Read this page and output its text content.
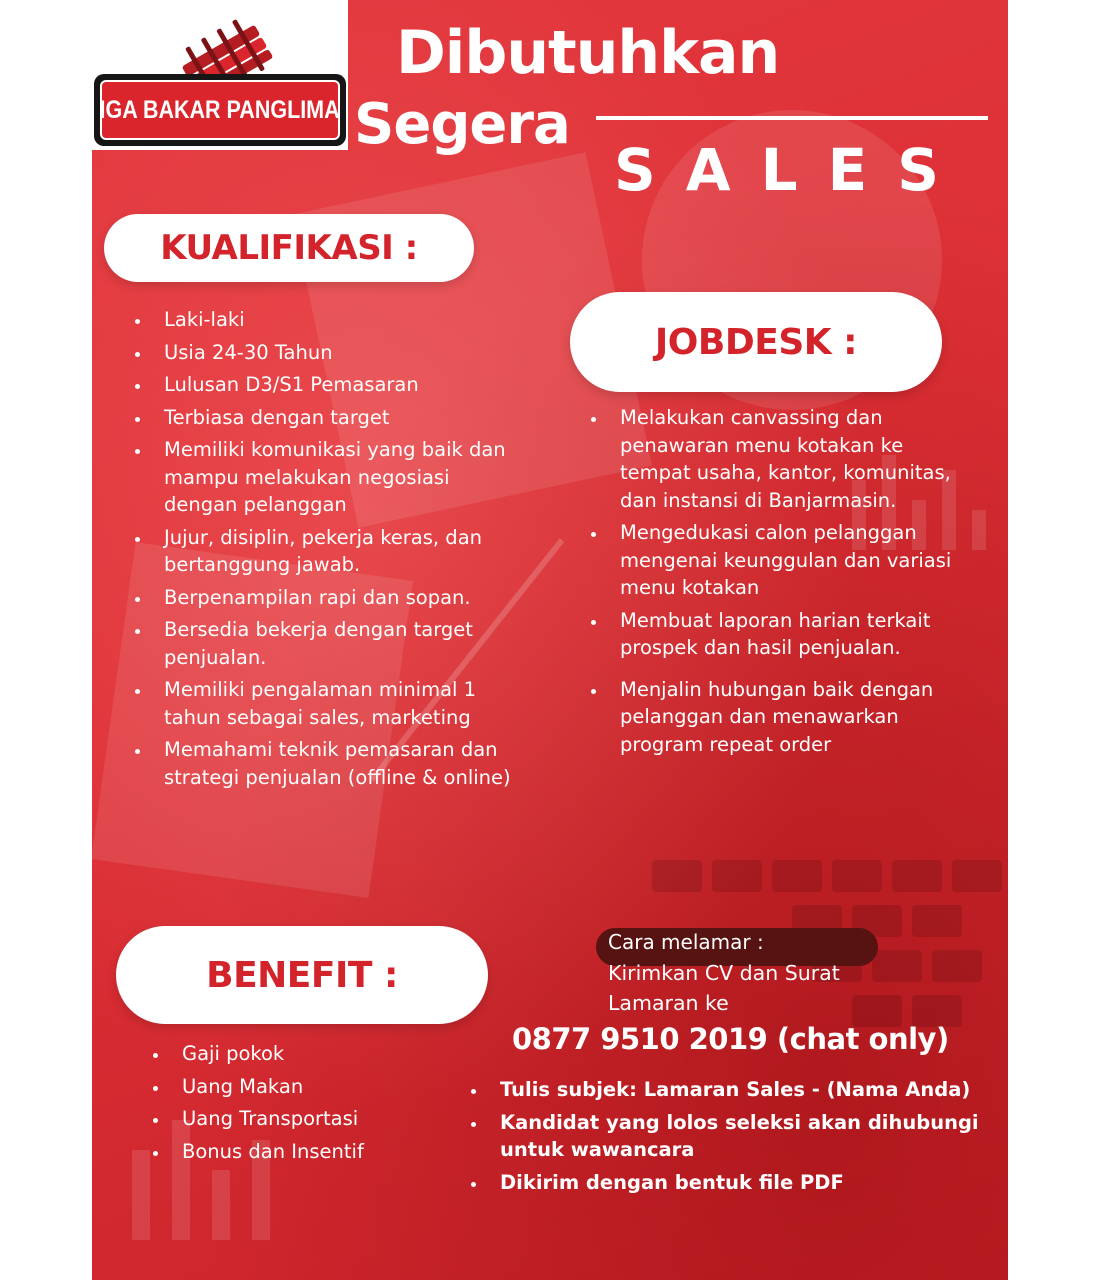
IGA BAKAR PANGLIMA
Dibutuhkan
Segera
SALES
KUALIFIKASI :
• Laki-laki
• Usia 24-30 Tahun
• Lulusan D3/S1 Pemasaran
• Terbiasa dengan target
• Memiliki komunikasi yang baik dan mampu melakukan negosiasi dengan pelanggan
• Jujur, disiplin, pekerja keras, dan bertanggung jawab.
• Berpenampilan rapi dan sopan.
• Bersedia bekerja dengan target penjualan.
• Memiliki pengalaman minimal 1 tahun sebagai sales, marketing
• Memahami teknik pemasaran dan strategi penjualan (offline & online)
JOBDESK :
• Melakukan canvassing dan penawaran menu kotakan ke tempat usaha, kantor, komunitas, dan instansi di Banjarmasin.
• Mengedukasi calon pelanggan mengenai keunggulan dan variasi menu kotakan
• Membuat laporan harian terkait prospek dan hasil penjualan.
• Menjalin hubungan baik dengan pelanggan dan menawarkan program repeat order
BENEFIT :
• Gaji pokok
• Uang Makan
• Uang Transportasi
• Bonus dan Insentif
Cara melamar :
Kirimkan CV dan Surat Lamaran ke
0877 9510 2019 (chat only)
• Tulis subjek: Lamaran Sales - (Nama Anda)
• Kandidat yang lolos seleksi akan dihubungi untuk wawancara
• Dikirim dengan bentuk file PDF
